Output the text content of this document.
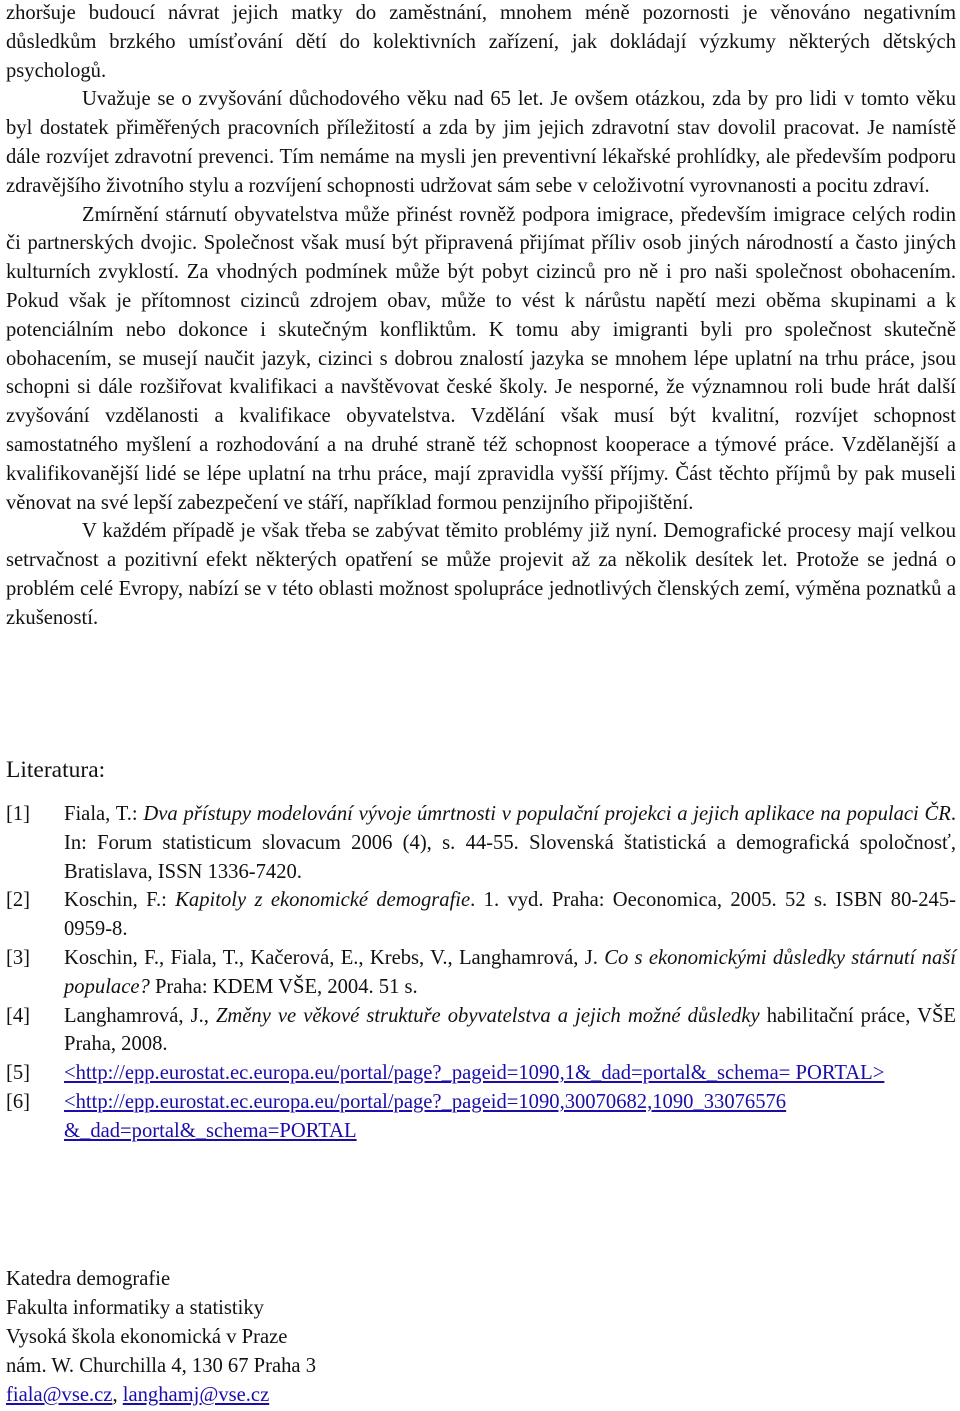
zhoršuje budoucí návrat jejich matky do zaměstnání, mnohem méně pozornosti je věnováno negativním důsledkům brzkého umísťování dětí do kolektivních zařízení, jak dokládají výzkumy některých dětských psychologů.

Uvažuje se o zvyšování důchodového věku nad 65 let. Je ovšem otázkou, zda by pro lidi v tomto věku byl dostatek přiměřených pracovních příležitostí a zda by jim jejich zdravotní stav dovolil pracovat. Je namístě dále rozvíjet zdravotní prevenci. Tím nemáme na mysli jen preventivní lékařské prohlídky, ale především podporu zdravějšího životního stylu a rozvíjení schopnosti udržovat sám sebe v celoživotní vyrovnanosti a pocitu zdraví.

Zmírnění stárnutí obyvatelstva může přinést rovněž podpora imigrace, především imigrace celých rodin či partnerských dvojic. Společnost však musí být připravená přijímat příliv osob jiných národností a často jiných kulturních zvyklostí. Za vhodných podmínek může být pobyt cizinců pro ně i pro naši společnost obohacením. Pokud však je přítomnost cizinců zdrojem obav, může to vést k nárůstu napětí mezi oběma skupinami a k potenciálním nebo dokonce i skutečným konfliktům. K tomu aby imigranti byli pro společnost skutečně obohacením, se musejí naučit jazyk, cizinci s dobrou znalostí jazyka se mnohem lépe uplatní na trhu práce, jsou schopni si dále rozšiřovat kvalifikaci a navštěvovat české školy. Je nesporné, že významnou roli bude hrát další zvyšování vzdělanosti a kvalifikace obyvatelstva. Vzdělání však musí být kvalitní, rozvíjet schopnost samostatného myšlení a rozhodování a na druhé straně též schopnost kooperace a týmové práce. Vzdělanější a kvalifikovanější lidé se lépe uplatní na trhu práce, mají zpravidla vyšší příjmy. Část těchto příjmů by pak museli věnovat na své lepší zabezpečení ve stáří, například formou penzijního připojištění.

V každém případě je však třeba se zabývat těmito problémy již nyní. Demografické procesy mají velkou setrvačnost a pozitivní efekt některých opatření se může projevit až za několik desítek let. Protože se jedná o problém celé Evropy, nabízí se v této oblasti možnost spolupráce jednotlivých členských zemí, výměna poznatků a zkušeností.

Literatura:
[1]	Fiala, T.: Dva přístupy modelování vývoje úmrtnosti v populační projekci a jejich aplikace na populaci ČR. In: Forum statisticum slovacum 2006 (4), s. 44-55. Slovenská štatistická a demografická spoločnosť, Bratislava, ISSN 1336-7420.
[2]	Koschin, F.: Kapitoly z ekonomické demografie. 1. vyd. Praha: Oeconomica, 2005. 52 s. ISBN 80-245-0959-8.
[3]	Koschin, F., Fiala, T., Kačerová, E., Krebs, V., Langhamrová, J. Co s ekonomickými důsledky stárnutí naší populace? Praha: KDEM VŠE, 2004. 51 s.
[4]	Langhamrová, J., Změny ve věkové struktuře obyvatelstva a jejich možné důsledky habilitační práce, VŠE Praha, 2008.
[5]	<http://epp.eurostat.ec.europa.eu/portal/page?_pageid=1090,1&_dad=portal&_schema= PORTAL>
[6]	<http://epp.eurostat.ec.europa.eu/portal/page?_pageid=1090,30070682,1090_33076576 &_dad=portal&_schema=PORTAL
Katedra demografie
Fakulta informatiky a statistiky
Vysoká škola ekonomická v Praze
nám. W. Churchilla 4, 130 67 Praha 3
fiala@vse.cz, langhamj@vse.cz
